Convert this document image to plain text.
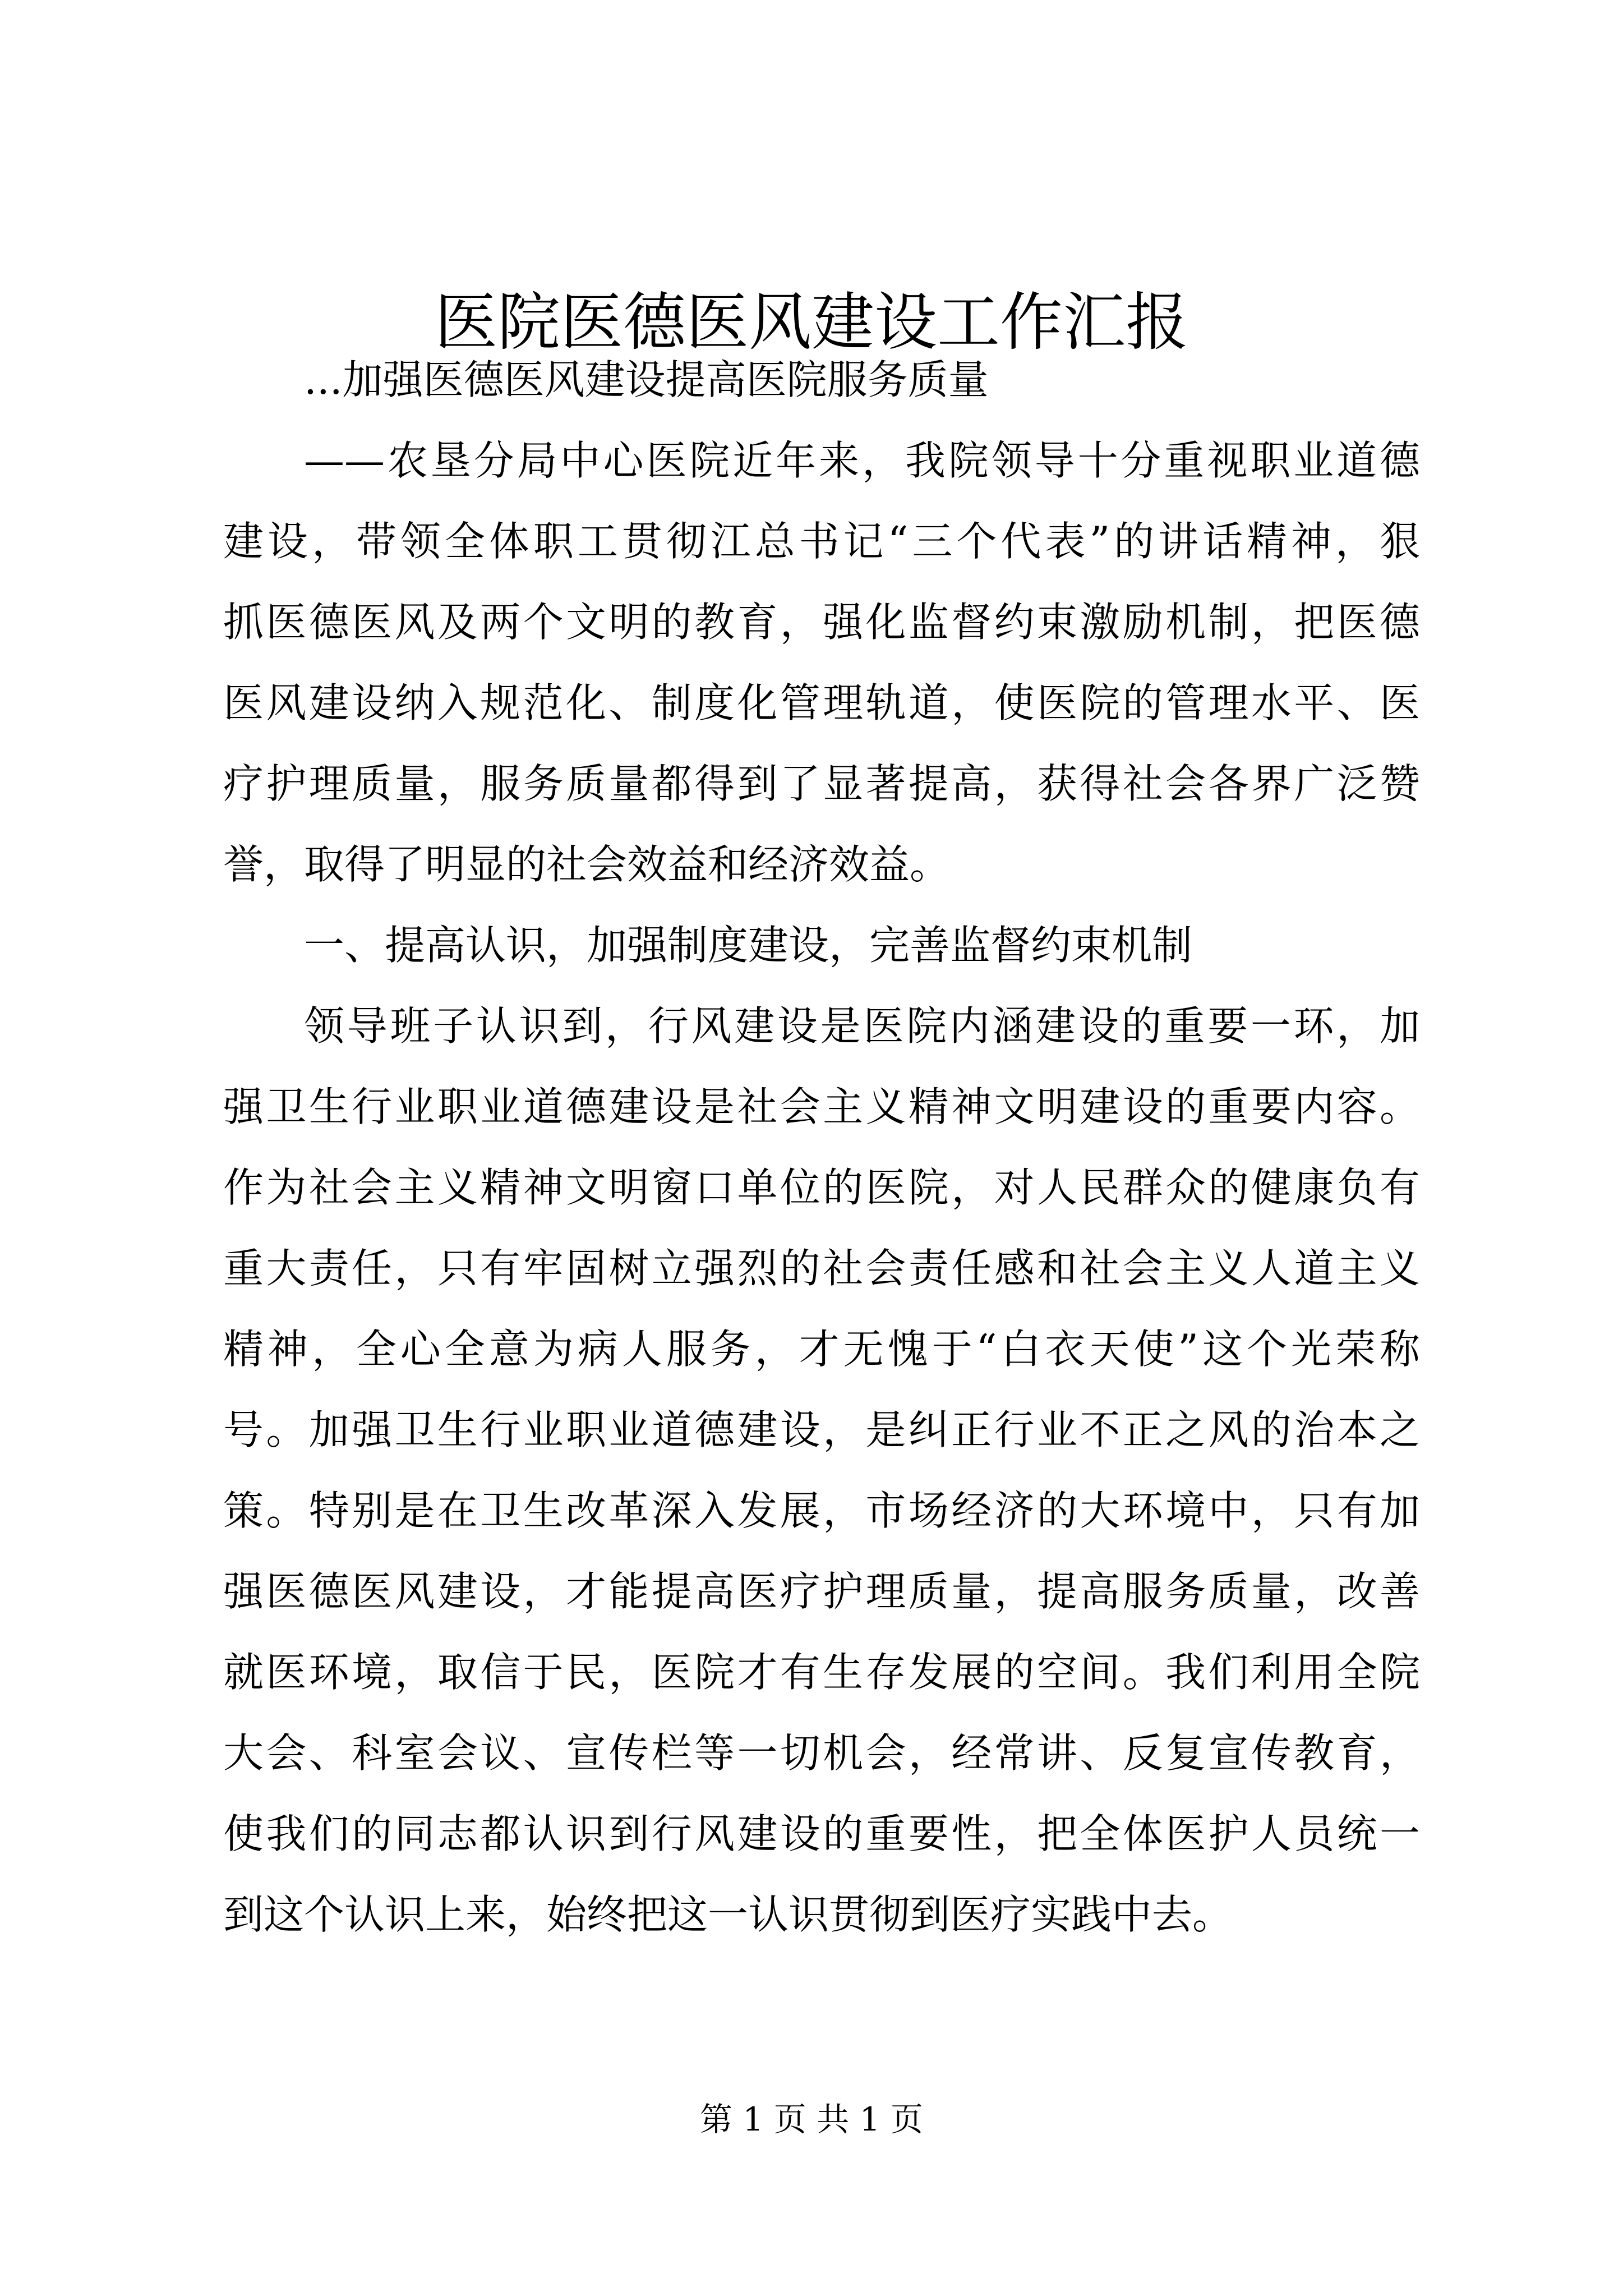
医院医德医风建设工作汇报

...加强医德医风建设提高医院服务质量

——农垦分局中心医院近年来，我院领导十分重视职业道德

建设，带领全体职工贯彻江总书记“三个代表”的讲话精神，狠

抓医德医风及两个文明的教育，强化监督约束激励机制，把医德

医风建设纳入规范化、制度化管理轨道，使医院的管理水平、医

疗护理质量，服务质量都得到了显著提高，获得社会各界广泛赞

誉，取得了明显的社会效益和经济效益。

一、提高认识，加强制度建设，完善监督约束机制

领导班子认识到，行风建设是医院内涵建设的重要一环，加

强卫生行业职业道德建设是社会主义精神文明建设的重要内容。

作为社会主义精神文明窗口单位的医院，对人民群众的健康负有

重大责任，只有牢固树立强烈的社会责任感和社会主义人道主义

精神，全心全意为病人服务，才无愧于“白衣天使”这个光荣称

号。加强卫生行业职业道德建设，是纠正行业不正之风的治本之

策。特别是在卫生改革深入发展，市场经济的大环境中，只有加

强医德医风建设，才能提高医疗护理质量，提高服务质量，改善

就医环境，取信于民，医院才有生存发展的空间。我们利用全院

大会、科室会议、宣传栏等一切机会，经常讲、反复宣传教育，

使我们的同志都认识到行风建设的重要性，把全体医护人员统一

到这个认识上来，始终把这一认识贯彻到医疗实践中去。

第 1 页 共 1 页
